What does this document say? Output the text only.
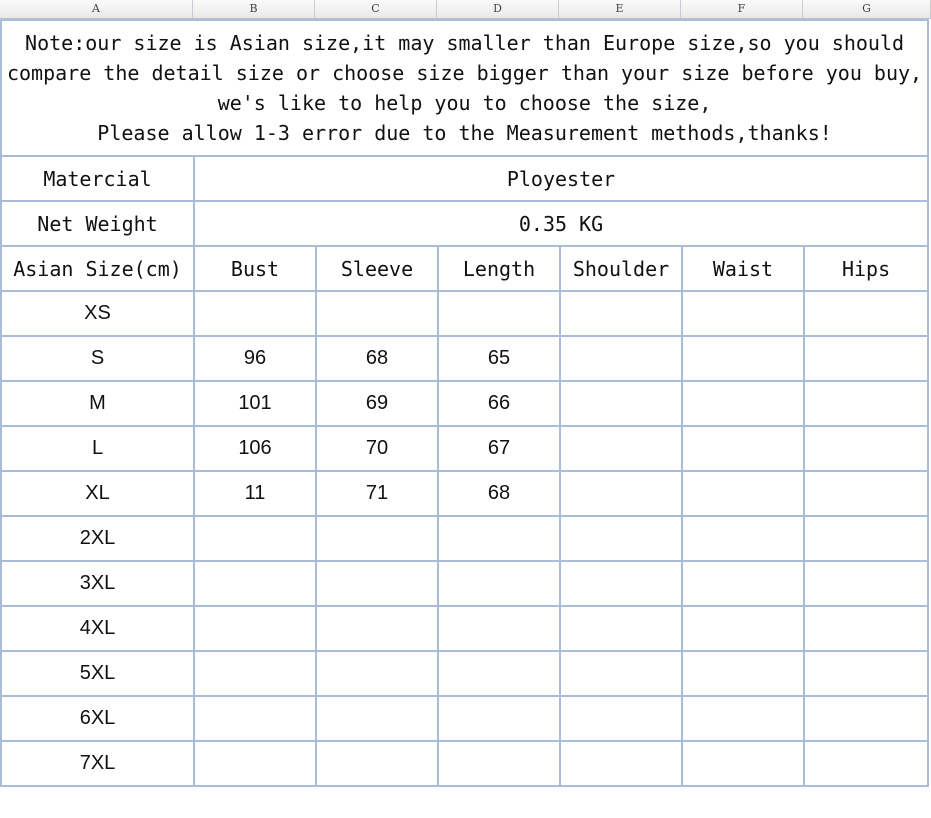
A	B	C	D	E	F	G
Note:our size is Asian size,it may smaller than Europe size,so you should
compare the detail size or choose size bigger than your size before you buy,
we's like to help you to choose the size,
Please allow 1-3 error due to the Measurement methods,thanks!						

Matercial	Ployester					
Net Weight	0.35 KG					
Asian Size(cm)	Bust	Sleeve	Length	Shoulder	Waist	Hips
XS						
S	96	68	65			
M	101	69	66			
L	106	70	67			
XL	11	71	68			
2XL						
3XL						
4XL						
5XL						
6XL						
7XL						
